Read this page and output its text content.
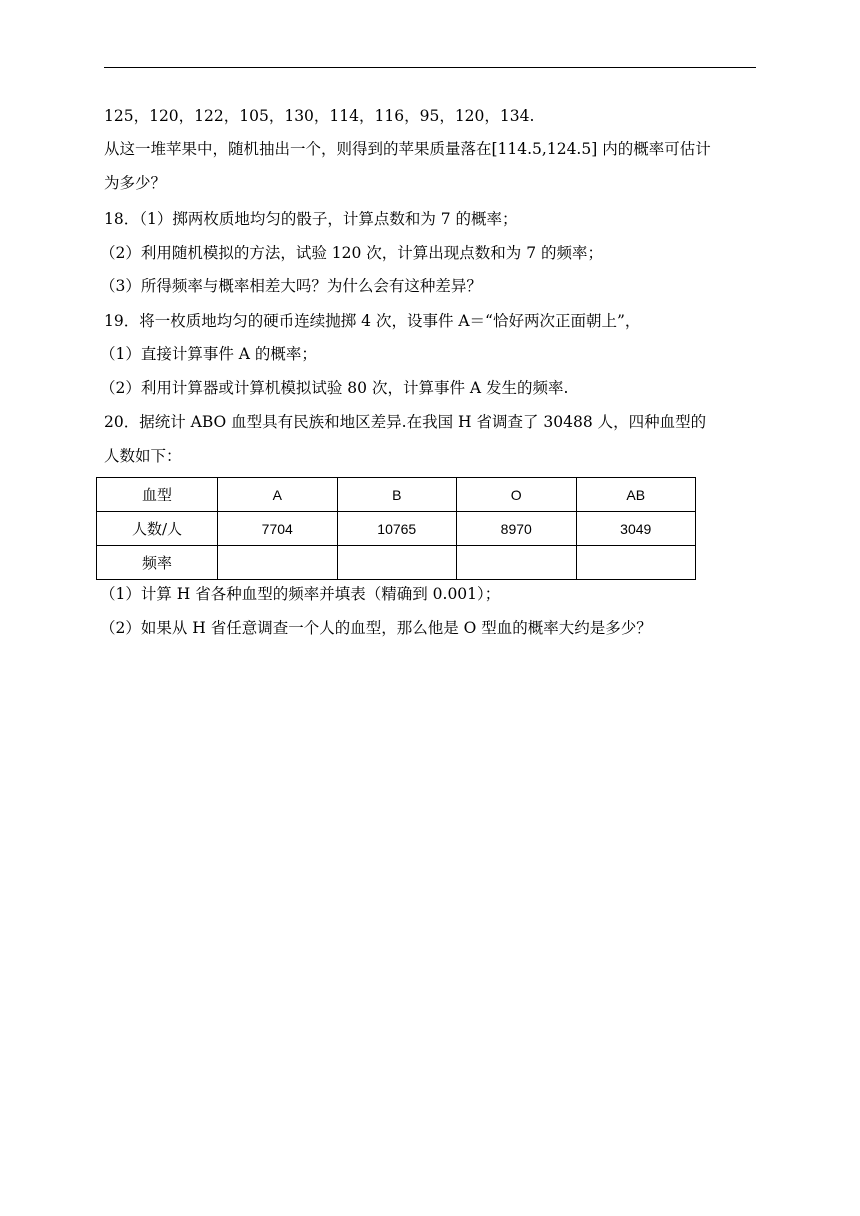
125，120，122，105，130，114，116，95，120，134.
从这一堆苹果中，随机抽出一个，则得到的苹果质量落在[114.5,124.5] 内的概率可估计
为多少？
18．（1）掷两枚质地均匀的骰子，计算点数和为 7 的概率；
（2）利用随机模拟的方法，试验 120 次，计算出现点数和为 7 的频率；
（3）所得频率与概率相差大吗？为什么会有这种差异？
19．将一枚质地均匀的硬币连续抛掷 4 次，设事件 A＝“恰好两次正面朝上”，
（1）直接计算事件 A 的概率；
（2）利用计算器或计算机模拟试验 80 次，计算事件 A 发生的频率.
20．据统计 ABO 血型具有民族和地区差异.在我国 H 省调查了 30488 人，四种血型的
人数如下：
血型	A	B	O	AB
人数/人	7704	10765	8970	3049
频率				
（1）计算 H 省各种血型的频率并填表（精确到 0.001）；
（2）如果从 H 省任意调查一个人的血型，那么他是 O 型血的概率大约是多少？
